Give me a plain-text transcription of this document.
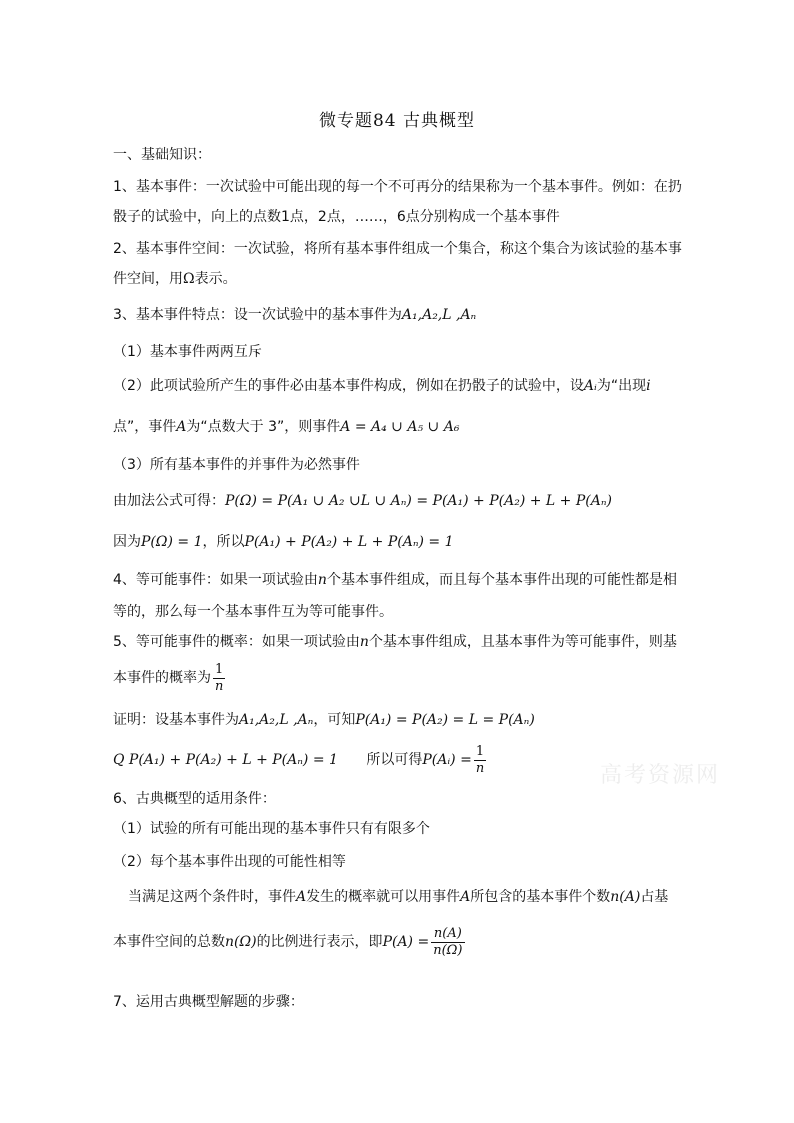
微专题84 古典概型
一、基础知识：
1、基本事件：一次试验中可能出现的每一个不可再分的结果称为一个基本事件。例如：在扔
骰子的试验中，向上的点数1点，2点，……，6点分别构成一个基本事件
2、基本事件空间：一次试验，将所有基本事件组成一个集合，称这个集合为该试验的基本事
件空间，用Ω表示。
3、基本事件特点：设一次试验中的基本事件为A₁,A₂,L ,Aₙ
（1）基本事件两两互斥
（2）此项试验所产生的事件必由基本事件构成，例如在扔骰子的试验中，设Aᵢ为“出现i
点”，事件A为“点数大于 3”，则事件A = A₄ ∪ A₅ ∪ A₆
（3）所有基本事件的并事件为必然事件
由加法公式可得：P(Ω) = P(A₁ ∪ A₂ ∪L ∪ Aₙ) = P(A₁) + P(A₂) + L + P(Aₙ)
因为P(Ω) = 1，所以P(A₁) + P(A₂) + L + P(Aₙ) = 1
4、等可能事件：如果一项试验由n个基本事件组成，而且每个基本事件出现的可能性都是相
等的，那么每一个基本事件互为等可能事件。
5、等可能事件的概率：如果一项试验由n个基本事件组成，且基本事件为等可能事件，则基
本事件的概率为 $\frac{1}{n}$
证明：设基本事件为A₁,A₂,L ,Aₙ，可知P(A₁) = P(A₂) = L = P(Aₙ)
Q P(A₁) + P(A₂) + L + P(Aₙ) = 1 所以可得P(Aᵢ) = $\frac{1}{n}$	高考资源网
6、古典概型的适用条件：
（1）试验的所有可能出现的基本事件只有有限多个
（2）每个基本事件出现的可能性相等
当满足这两个条件时，事件A发生的概率就可以用事件A所包含的基本事件个数n(A)占基
本事件空间的总数n(Ω)的比例进行表示，即$P(A) = \frac{n(A)}{n(\Omega)}$
7、运用古典概型解题的步骤：
